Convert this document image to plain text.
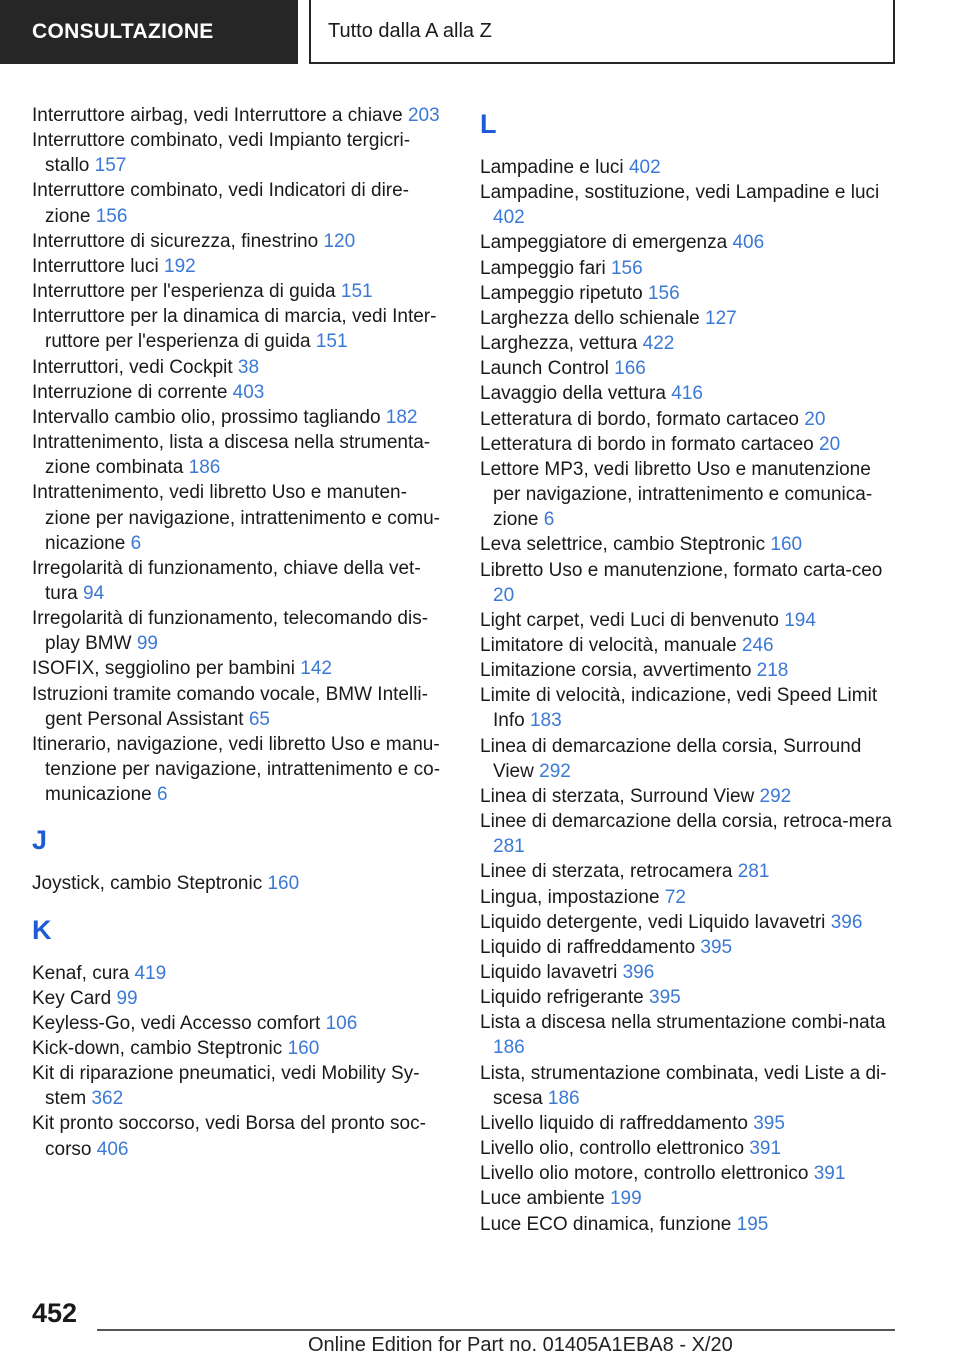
CONSULTAZIONE	Tutto dalla A alla Z
Interruttore airbag, vedi Interruttore a chiave 203
Interruttore combinato, vedi Impianto tergicri-stallo 157
Interruttore combinato, vedi Indicatori di dire-zione 156
Interruttore di sicurezza, finestrino 120
Interruttore luci 192
Interruttore per l'esperienza di guida 151
Interruttore per la dinamica di marcia, vedi Inter-ruttore per l'esperienza di guida 151
Interruttori, vedi Cockpit 38
Interruzione di corrente 403
Intervallo cambio olio, prossimo tagliando 182
Intrattenimento, lista a discesa nella strumenta-zione combinata 186
Intrattenimento, vedi libretto Uso e manuten-zione per navigazione, intrattenimento e comu-nicazione 6
Irregolarità di funzionamento, chiave della vet-tura 94
Irregolarità di funzionamento, telecomando dis-play BMW 99
ISOFIX, seggiolino per bambini 142
Istruzioni tramite comando vocale, BMW Intelli-gent Personal Assistant 65
Itinerario, navigazione, vedi libretto Uso e manu-tenzione per navigazione, intrattenimento e co-municazione 6
J
Joystick, cambio Steptronic 160
K
Kenaf, cura 419
Key Card 99
Keyless-Go, vedi Accesso comfort 106
Kick-down, cambio Steptronic 160
Kit di riparazione pneumatici, vedi Mobility Sy-stem 362
Kit pronto soccorso, vedi Borsa del pronto soc-corso 406
L
Lampadine e luci 402
Lampadine, sostituzione, vedi Lampadine e luci 402
Lampeggiatore di emergenza 406
Lampeggio fari 156
Lampeggio ripetuto 156
Larghezza dello schienale 127
Larghezza, vettura 422
Launch Control 166
Lavaggio della vettura 416
Letteratura di bordo, formato cartaceo 20
Letteratura di bordo in formato cartaceo 20
Lettore MP3, vedi libretto Uso e manutenzione per navigazione, intrattenimento e comunica-zione 6
Leva selettrice, cambio Steptronic 160
Libretto Uso e manutenzione, formato carta-ceo 20
Light carpet, vedi Luci di benvenuto 194
Limitatore di velocità, manuale 246
Limitazione corsia, avvertimento 218
Limite di velocità, indicazione, vedi Speed Limit Info 183
Linea di demarcazione della corsia, Surround View 292
Linea di sterzata, Surround View 292
Linee di demarcazione della corsia, retroca-mera 281
Linee di sterzata, retrocamera 281
Lingua, impostazione 72
Liquido detergente, vedi Liquido lavavetri 396
Liquido di raffreddamento 395
Liquido lavavetri 396
Liquido refrigerante 395
Lista a discesa nella strumentazione combi-nata 186
Lista, strumentazione combinata, vedi Liste a di-scesa 186
Livello liquido di raffreddamento 395
Livello olio, controllo elettronico 391
Livello olio motore, controllo elettronico 391
Luce ambiente 199
Luce ECO dinamica, funzione 195
452
Online Edition for Part no. 01405A1EBA8 - X/20
